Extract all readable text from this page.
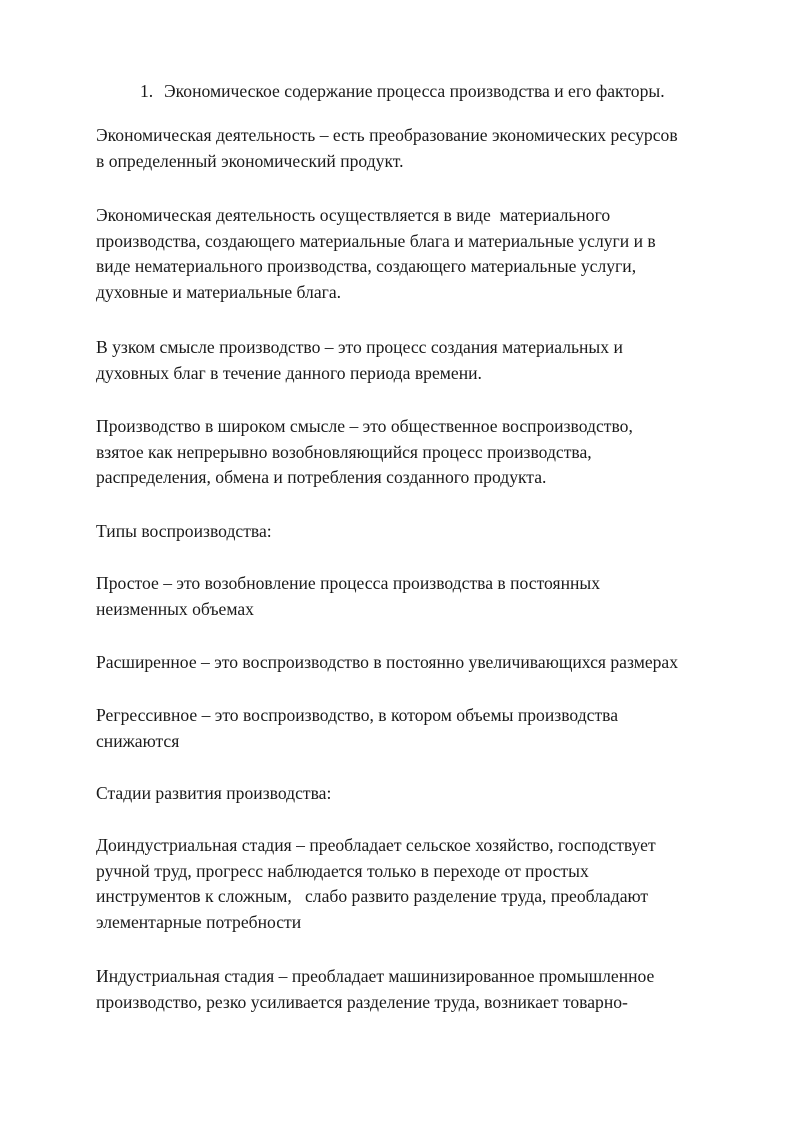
1. Экономическое содержание процесса производства и его факторы.

Экономическая деятельность – есть преобразование экономических ресурсов
в определенный экономический продукт.

Экономическая деятельность осуществляется в виде  материального
производства, создающего материальные блага и материальные услуги и в
виде нематериального производства, создающего материальные услуги,
духовные и материальные блага.

В узком смысле производство – это процесс создания материальных и
духовных благ в течение данного периода времени.

Производство в широком смысле – это общественное воспроизводство,
взятое как непрерывно возобновляющийся процесс производства,
распределения, обмена и потребления созданного продукта.

Типы воспроизводства:

Простое – это возобновление процесса производства в постоянных
неизменных объемах

Расширенное – это воспроизводство в постоянно увеличивающихся размерах

Регрессивное – это воспроизводство, в котором объемы производства
снижаются

Стадии развития производства:

Доиндустриальная стадия – преобладает сельское хозяйство, господствует
ручной труд, прогресс наблюдается только в переходе от простых
инструментов к сложным,   слабо развито разделение труда, преобладают
элементарные потребности

Индустриальная стадия – преобладает машинизированное промышленное
производство, резко усиливается разделение труда, возникает товарно-
